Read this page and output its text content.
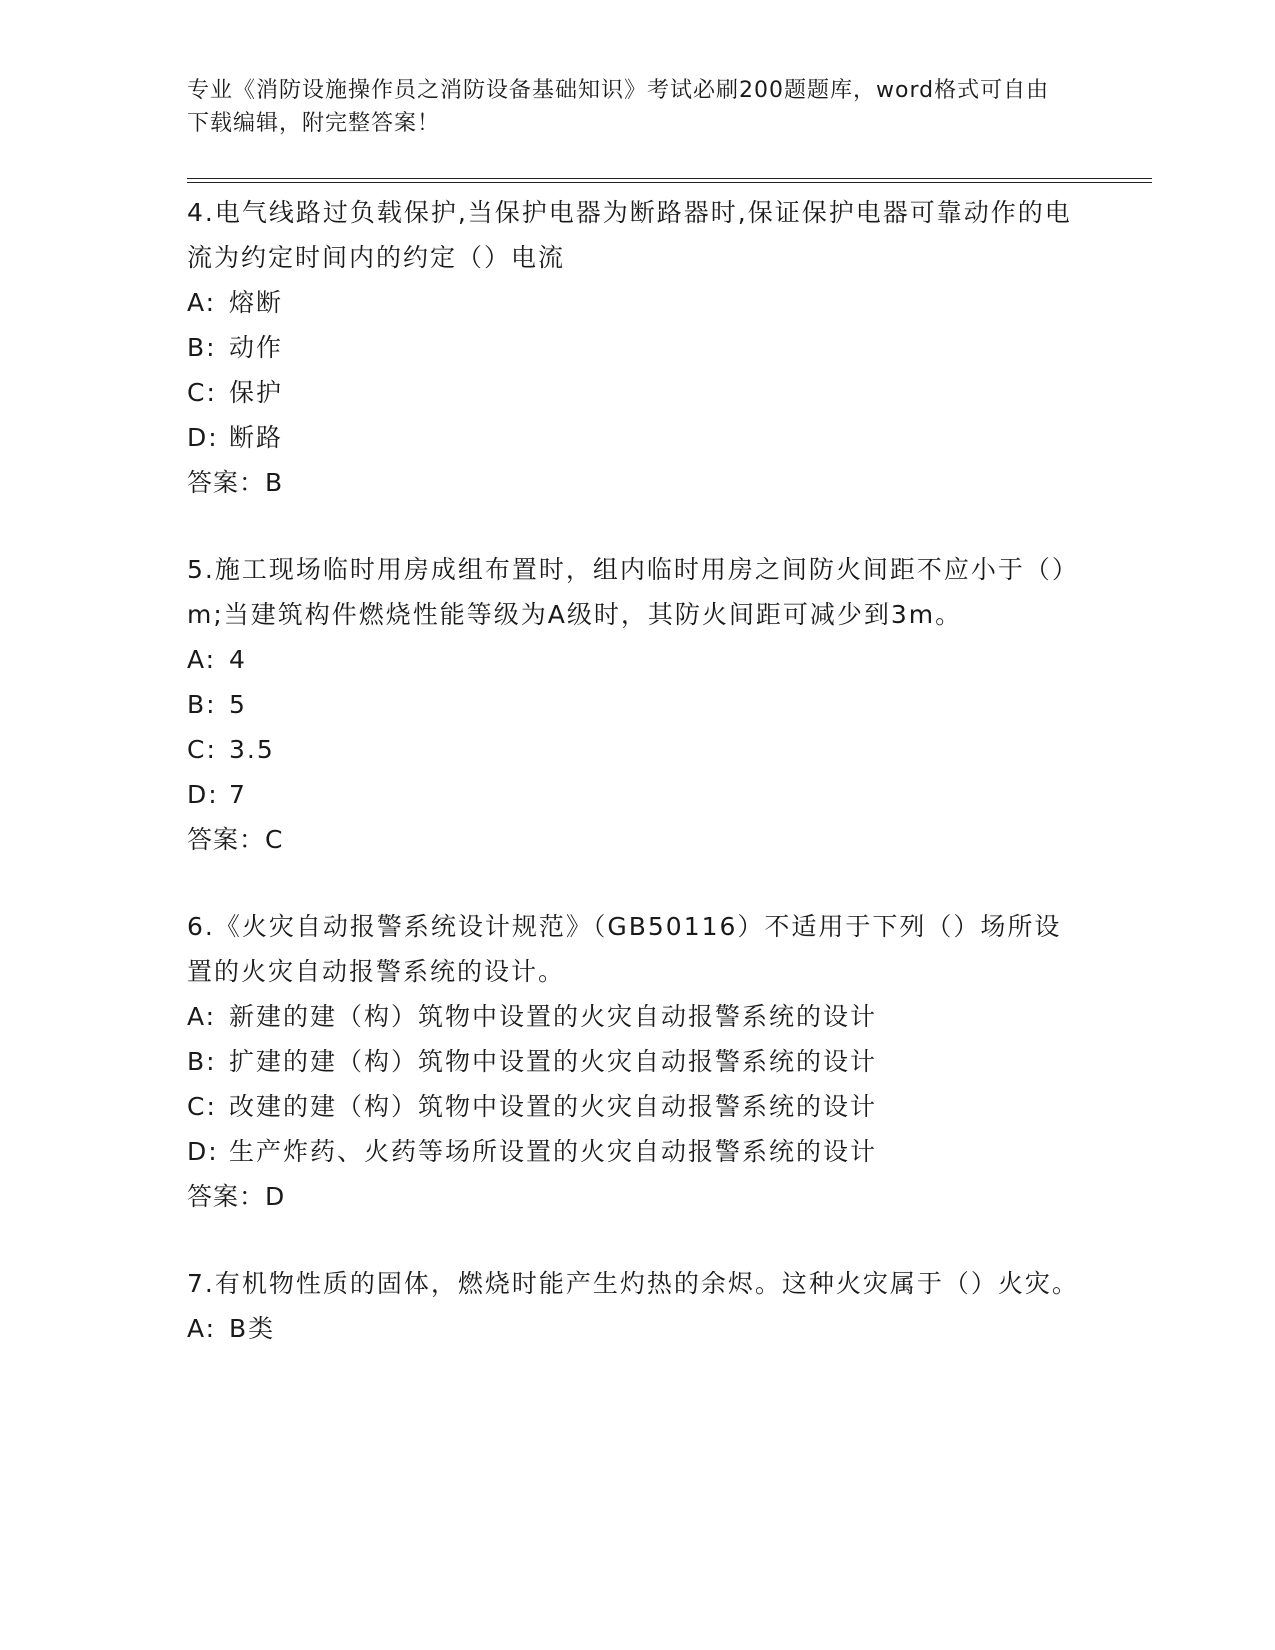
专业《消防设施操作员之消防设备基础知识》考试必刷200题题库，word格式可自由下载编辑，附完整答案！

4.电气线路过负载保护,当保护电器为断路器时,保证保护电器可靠动作的电流为约定时间内的约定（）电流

A: 熔断

B: 动作

C: 保护

D: 断路

答案：B

5.施工现场临时用房成组布置时，组内临时用房之间防火间距不应小于（）m;当建筑构件燃烧性能等级为A级时，其防火间距可减少到3m。

A: 4

B: 5

C: 3.5

D: 7

答案：C

6.《火灾自动报警系统设计规范》（GB50116）不适用于下列（）场所设置的火灾自动报警系统的设计。

A: 新建的建（构）筑物中设置的火灾自动报警系统的设计

B: 扩建的建（构）筑物中设置的火灾自动报警系统的设计

C: 改建的建（构）筑物中设置的火灾自动报警系统的设计

D: 生产炸药、火药等场所设置的火灾自动报警系统的设计

答案：D

7.有机物性质的固体，燃烧时能产生灼热的余烬。这种火灾属于（）火灾。

A: B类
